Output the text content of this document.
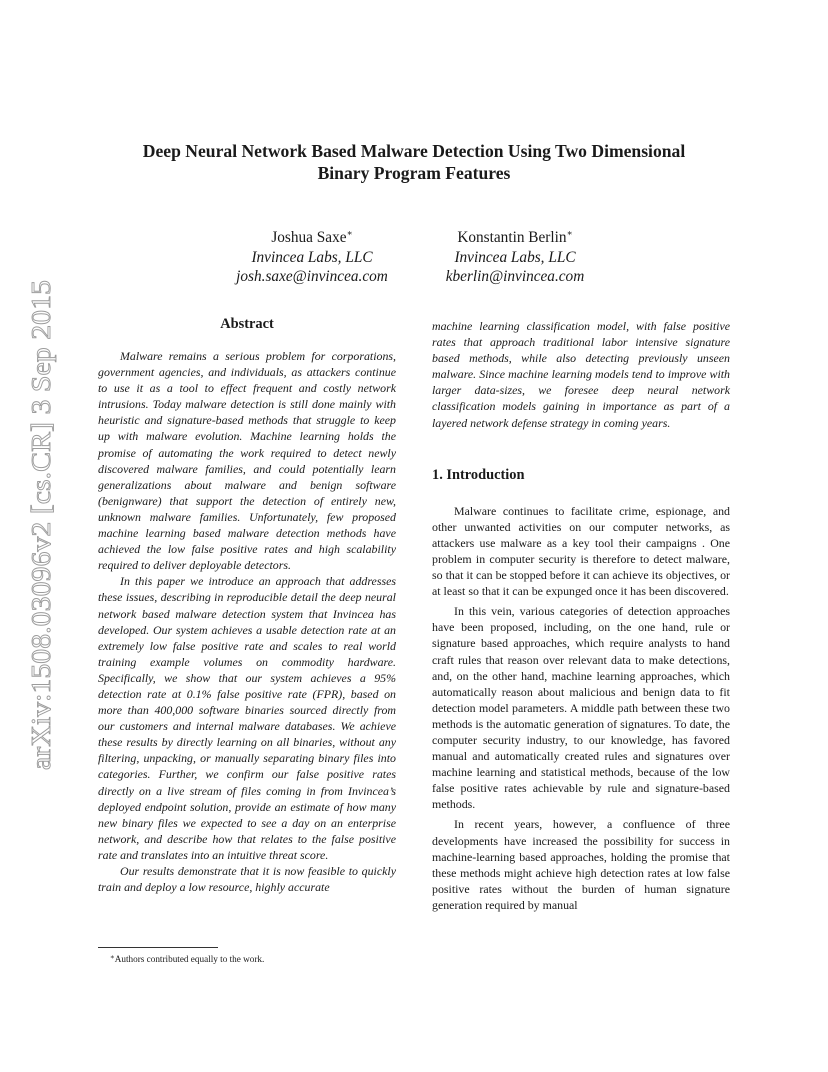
arXiv:1508.03096v2 [cs.CR] 3 Sep 2015
Deep Neural Network Based Malware Detection Using Two Dimensional
Binary Program Features
Joshua Saxe∗
Invincea Labs, LLC
josh.saxe@invincea.com
Konstantin Berlin∗
Invincea Labs, LLC
kberlin@invincea.com
Abstract

Malware remains a serious problem for corporations, government agencies, and individuals, as attackers continue to use it as a tool to effect frequent and costly network intrusions. Today malware detection is still done mainly with heuristic and signature-based methods that struggle to keep up with malware evolution. Machine learning holds the promise of automating the work required to detect newly discovered malware families, and could potentially learn generalizations about malware and benign software (benignware) that support the detection of entirely new, unknown malware families. Unfortunately, few proposed machine learning based malware detection methods have achieved the low false positive rates and high scalability required to deliver deployable detectors.

In this paper we introduce an approach that addresses these issues, describing in reproducible detail the deep neural network based malware detection system that Invincea has developed. Our system achieves a usable detection rate at an extremely low false positive rate and scales to real world training example volumes on commodity hardware. Specifically, we show that our system achieves a 95% detection rate at 0.1% false positive rate (FPR), based on more than 400,000 software binaries sourced directly from our customers and internal malware databases. We achieve these results by directly learning on all binaries, without any filtering, unpacking, or manually separating binary files into categories. Further, we confirm our false positive rates directly on a live stream of files coming in from Invincea’s deployed endpoint solution, provide an estimate of how many new binary files we expected to see a day on an enterprise network, and describe how that relates to the false positive rate and translates into an intuitive threat score.

Our results demonstrate that it is now feasible to quickly train and deploy a low resource, highly accurate

∗Authors contributed equally to the work.

machine learning classification model, with false positive rates that approach traditional labor intensive signature based methods, while also detecting previously unseen malware. Since machine learning models tend to improve with larger data-sizes, we foresee deep neural network classification models gaining in importance as part of a layered network defense strategy in coming years.

1. Introduction

Malware continues to facilitate crime, espionage, and other unwanted activities on our computer networks, as attackers use malware as a key tool their campaigns . One problem in computer security is therefore to detect malware, so that it can be stopped before it can achieve its objectives, or at least so that it can be expunged once it has been discovered.

In this vein, various categories of detection approaches have been proposed, including, on the one hand, rule or signature based approaches, which require analysts to hand craft rules that reason over relevant data to make detections, and, on the other hand, machine learning approaches, which automatically reason about malicious and benign data to fit detection model parameters. A middle path between these two methods is the automatic generation of signatures. To date, the computer security industry, to our knowledge, has favored manual and automatically created rules and signatures over machine learning and statistical methods, because of the low false positive rates achievable by rule and signature-based methods.

In recent years, however, a confluence of three developments have increased the possibility for success in machine-learning based approaches, holding the promise that these methods might achieve high detection rates at low false positive rates without the burden of human signature generation required by manual
